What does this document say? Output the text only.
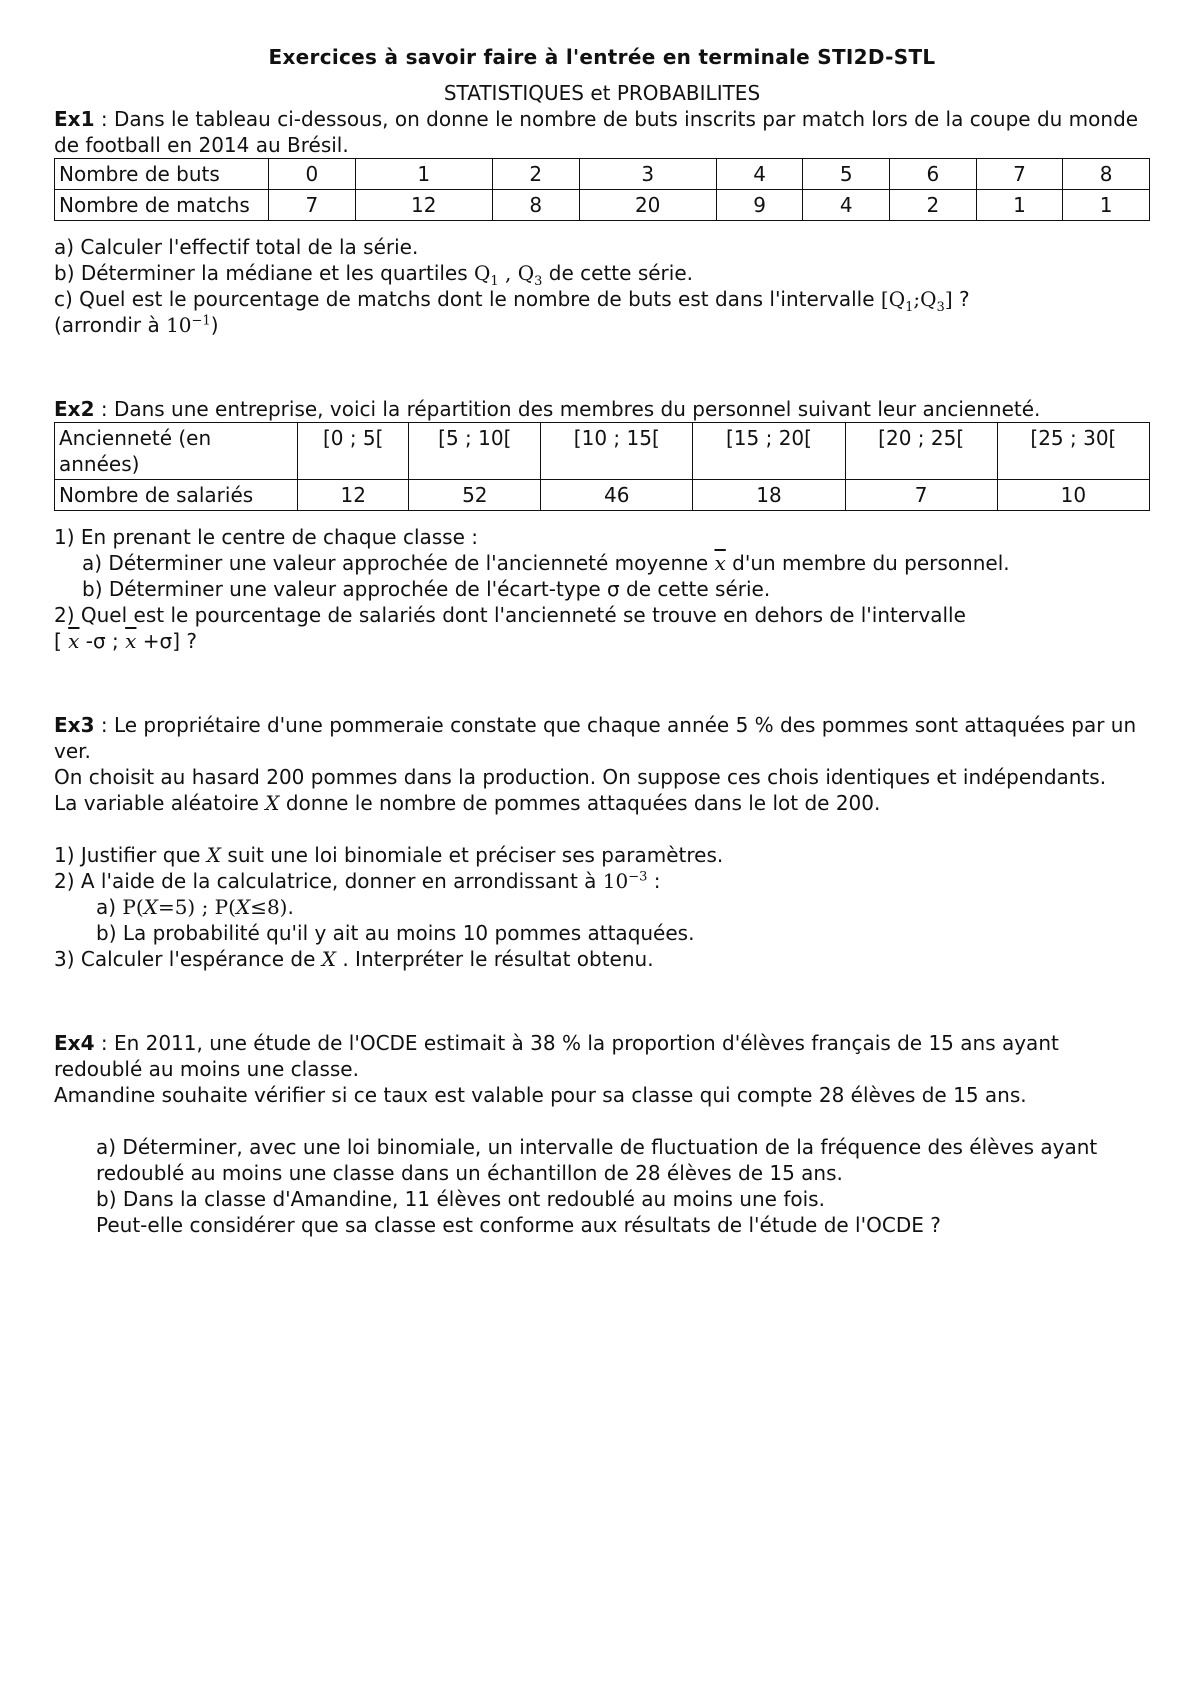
Exercices à savoir faire à l'entrée en terminale STI2D-STL

STATISTIQUES et PROBABILITES

Ex1 : Dans le tableau ci-dessous, on donne le nombre de buts inscrits par match lors de la coupe du monde de football en 2014 au Brésil.

Nombre de buts	0	1	2	3	4	5	6	7	8
Nombre de matchs	7	12	8	20	9	4	2	1	1

a) Calculer l'effectif total de la série.

b) Déterminer la médiane et les quartiles $Q_1$ , $Q_3$ de cette série.

c) Quel est le pourcentage de matchs dont le nombre de buts est dans l'intervalle $[Q_1;Q_3]$ ?

(arrondir à $10^{-1}$)

Ex2 : Dans une entreprise, voici la répartition des membres du personnel suivant leur ancienneté.

Ancienneté (en années)	[0 ; 5[	[5 ; 10[	[10 ; 15[	[15 ; 20[	[20 ; 25[	[25 ; 30[
Nombre de salariés	12	52	46	18	7	10

1) En prenant le centre de chaque classe :

a) Déterminer une valeur approchée de l'ancienneté moyenne $\overline{x}$ d'un membre du personnel.

b) Déterminer une valeur approchée de l'écart-type σ de cette série.

2) Quel est le pourcentage de salariés dont l'ancienneté se trouve en dehors de l'intervalle

[ $\overline{x}$ -σ ; $\overline{x} +\sigma$] ?

Ex3 : Le propriétaire d'une pommeraie constate que chaque année 5 % des pommes sont attaquées par un ver.

On choisit au hasard 200 pommes dans la production. On suppose ces chois identiques et indépendants.

La variable aléatoire X donne le nombre de pommes attaquées dans le lot de 200.

1) Justifier que X suit une loi binomiale et préciser ses paramètres.

2) A l'aide de la calculatrice, donner en arrondissant à $10^{-3}$ :

a) P(X=5) ; P(X≤8).

b) La probabilité qu'il y ait au moins 10 pommes attaquées.

3) Calculer l'espérance de X . Interpréter le résultat obtenu.

Ex4 : En 2011, une étude de l'OCDE estimait à 38 % la proportion d'élèves français de 15 ans ayant redoublé au moins une classe.

Amandine souhaite vérifier si ce taux est valable pour sa classe qui compte 28 élèves de 15 ans.

a) Déterminer, avec une loi binomiale, un intervalle de fluctuation de la fréquence des élèves ayant redoublé au moins une classe dans un échantillon de 28 élèves de 15 ans.

b) Dans la classe d'Amandine, 11 élèves ont redoublé au moins une fois.

Peut-elle considérer que sa classe est conforme aux résultats de l'étude de l'OCDE ?
